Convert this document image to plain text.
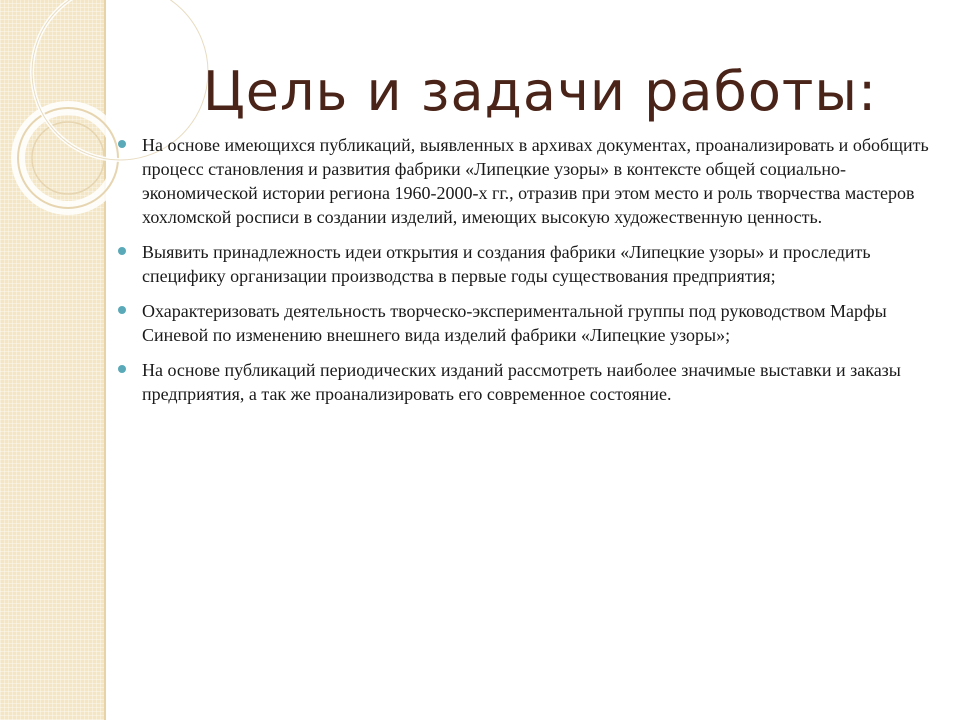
Цель и задачи работы:
На основе имеющихся публикаций, выявленных в архивах документах, проанализировать и обобщить процесс становления и развития фабрики «Липецкие узоры» в контексте общей социально-экономической истории региона 1960-2000-х гг., отразив при этом место и роль творчества мастеров хохломской росписи в создании изделий, имеющих высокую художественную ценность.
Выявить принадлежность идеи открытия и создания фабрики «Липецкие узоры» и проследить специфику организации производства в первые годы существования предприятия;
Охарактеризовать деятельность творческо-экспериментальной группы под руководством Марфы Синевой по изменению внешнего вида изделий фабрики «Липецкие узоры»;
На основе публикаций периодических изданий рассмотреть наиболее значимые выставки и заказы предприятия, а так же проанализировать его современное состояние.
